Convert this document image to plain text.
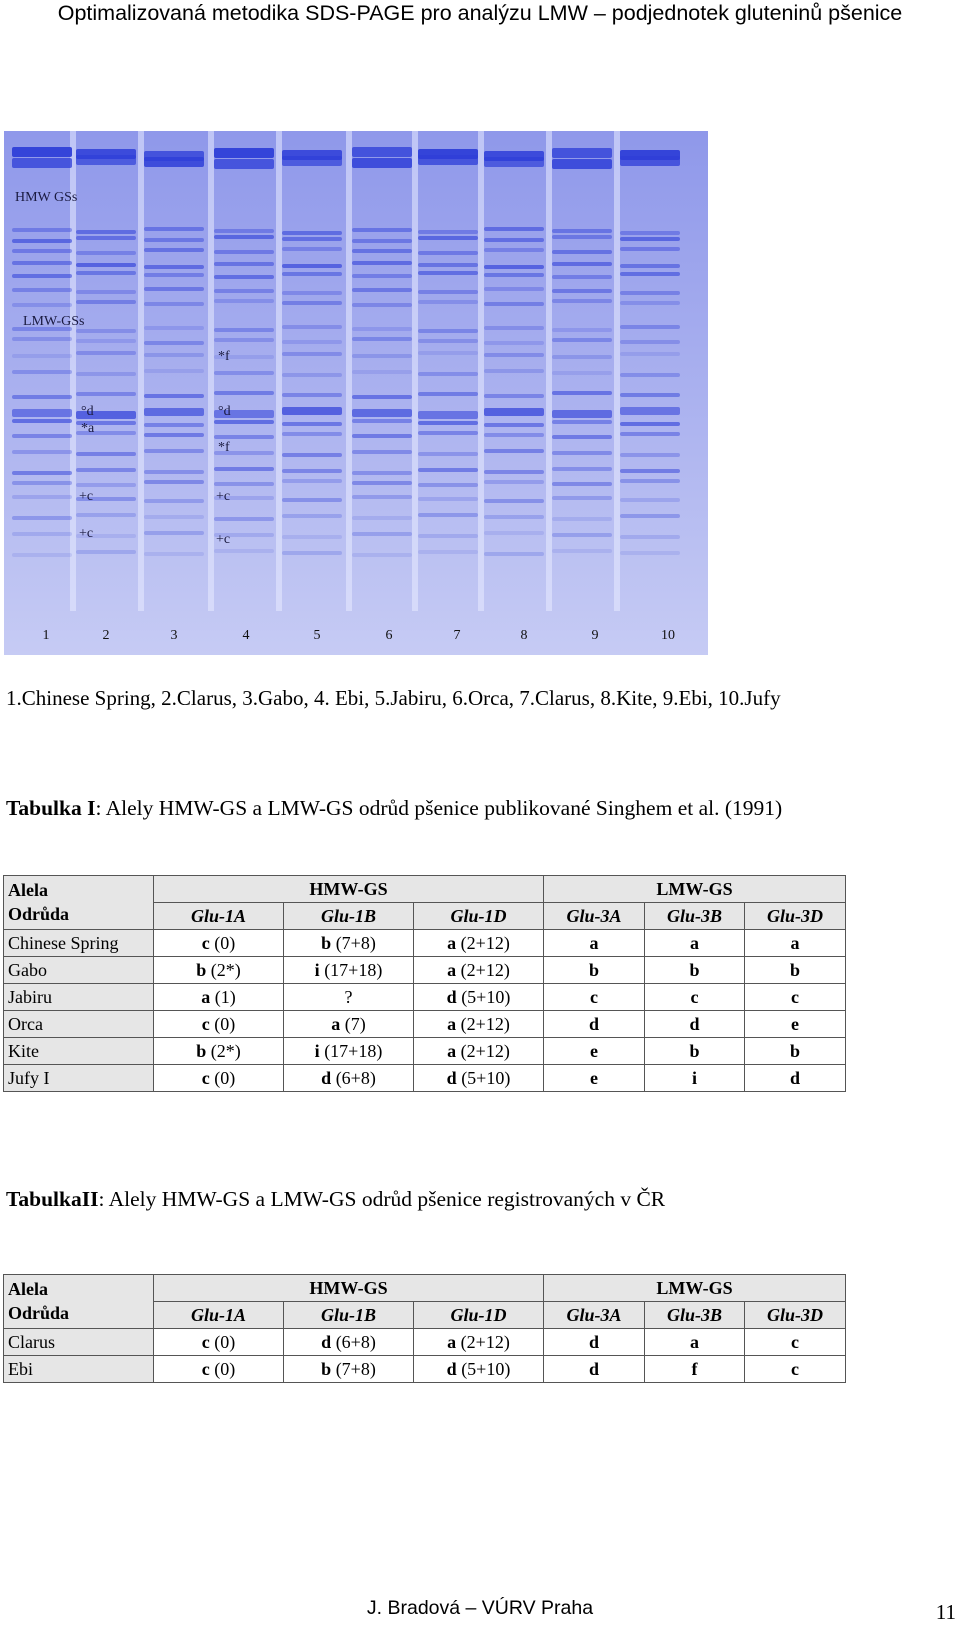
Optimalizovaná metodika SDS-PAGE pro analýzu LMW – podjednotek gluteninů pšenice
HMW GSs
LMW-GSs
*f
°d
*a
°d
*f
+c	+c
+c	+c
1	2	3	4	5	6	7	8	9	10
1.Chinese Spring, 2.Clarus, 3.Gabo, 4. Ebi, 5.Jabiru, 6.Orca, 7.Clarus, 8.Kite, 9.Ebi, 10.Jufy
Tabulka I: Alely HMW-GS a LMW-GS odrůd pšenice publikované Singhem et al. (1991)
Alela
Odrůda	HMW-GS			LMW-GS		
	Glu-1A	Glu-1B	Glu-1D	Glu-3A	Glu-3B	Glu-3D
Chinese Spring	c (0)	b (7+8)	a (2+12)	a	a	a
Gabo	b (2*)	i (17+18)	a (2+12)	b	b	b
Jabiru	a (1)	?	d (5+10)	c	c	c
Orca	c (0)	a (7)	a (2+12)	d	d	e
Kite	b (2*)	i (17+18)	a (2+12)	e	b	b
Jufy I	c (0)	d (6+8)	d (5+10)	e	i	d
TabulkaII: Alely HMW-GS a LMW-GS odrůd pšenice registrovaných v ČR
Alela
Odrůda	HMW-GS			LMW-GS		
	Glu-1A	Glu-1B	Glu-1D	Glu-3A	Glu-3B	Glu-3D
Clarus	c (0)	d (6+8)	a (2+12)	d	a	c
Ebi	c (0)	b (7+8)	d (5+10)	d	f	c
J. Bradová – VÚRV Praha	11
